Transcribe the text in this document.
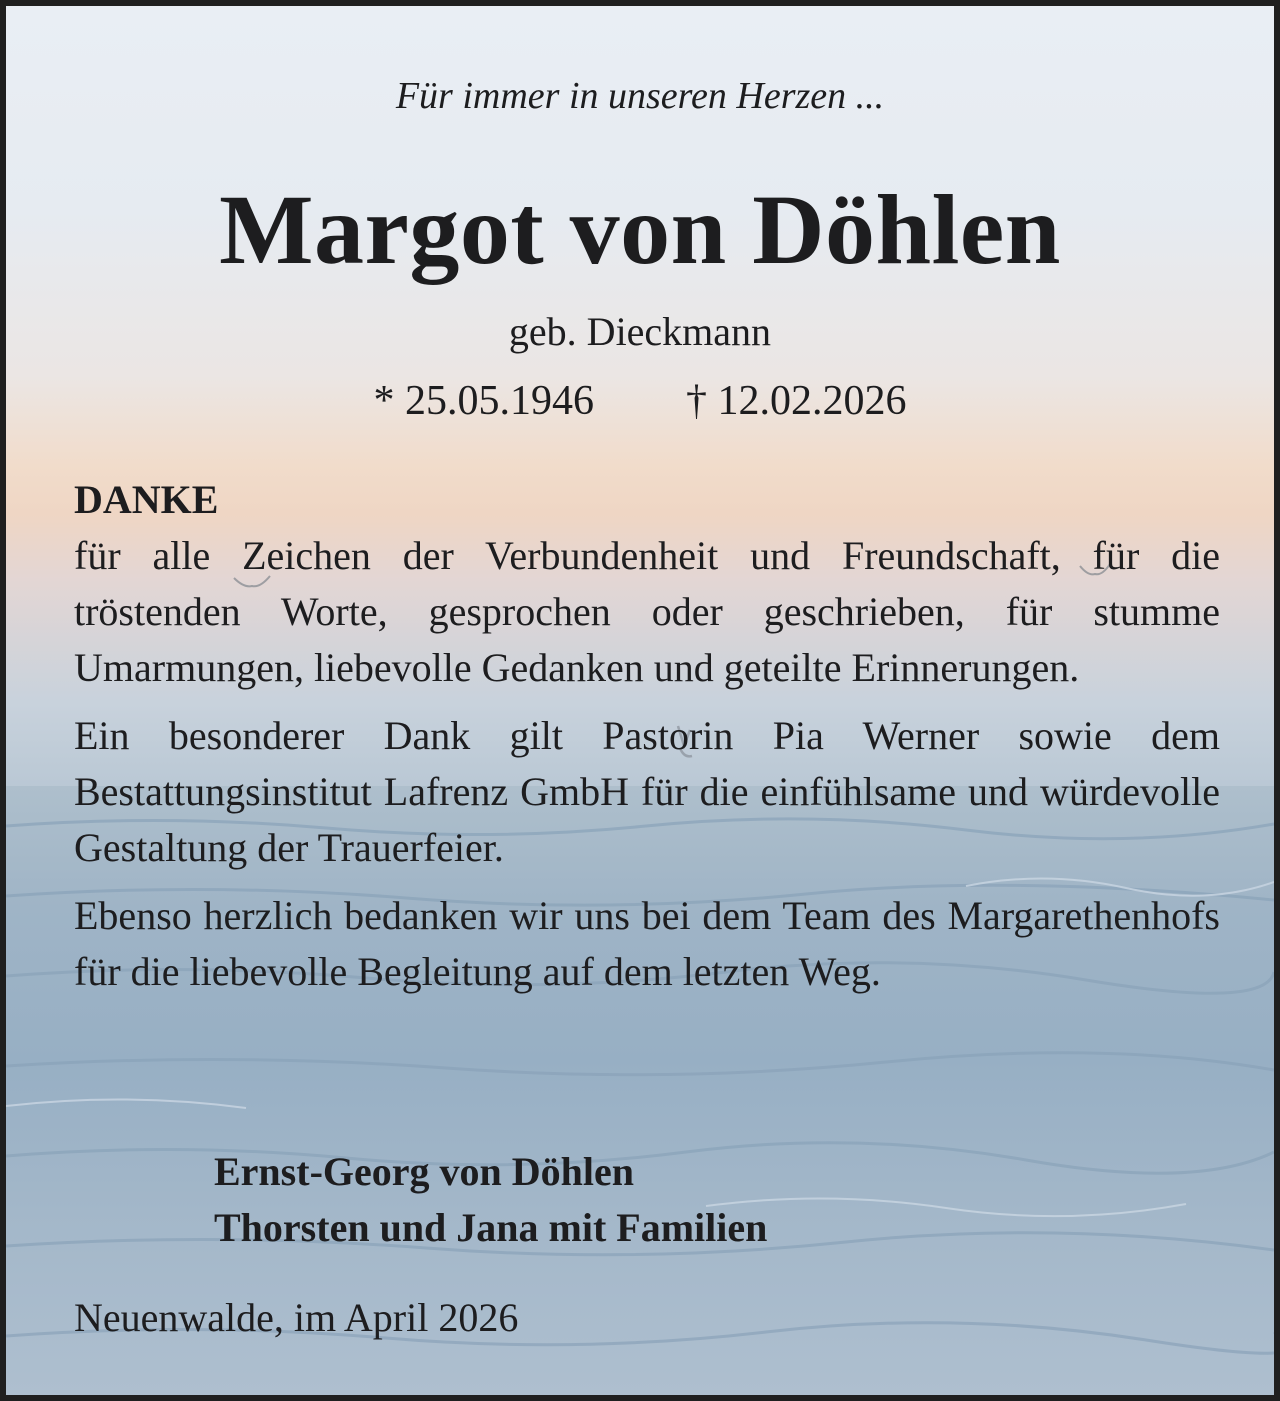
Für immer in unseren Herzen ...
Margot von Döhlen
geb. Dieckmann
* 25.05.1946 † 12.02.2026

DANKE

für alle Zeichen der Verbundenheit und Freundschaft, für die tröstenden Worte, gesprochen oder geschrieben, für stumme Umarmungen, liebevolle Gedanken und geteilte Erinnerungen.

Ein besonderer Dank gilt Pastorin Pia Werner sowie dem Bestattungsinstitut Lafrenz GmbH für die einfühlsame und würdevolle Gestaltung der Trauerfeier.

Ebenso herzlich bedanken wir uns bei dem Team des Margarethenhofs für die liebevolle Begleitung auf dem letzten Weg.

Ernst-Georg von Döhlen
Thorsten und Jana mit Familien
Neuenwalde, im April 2026
